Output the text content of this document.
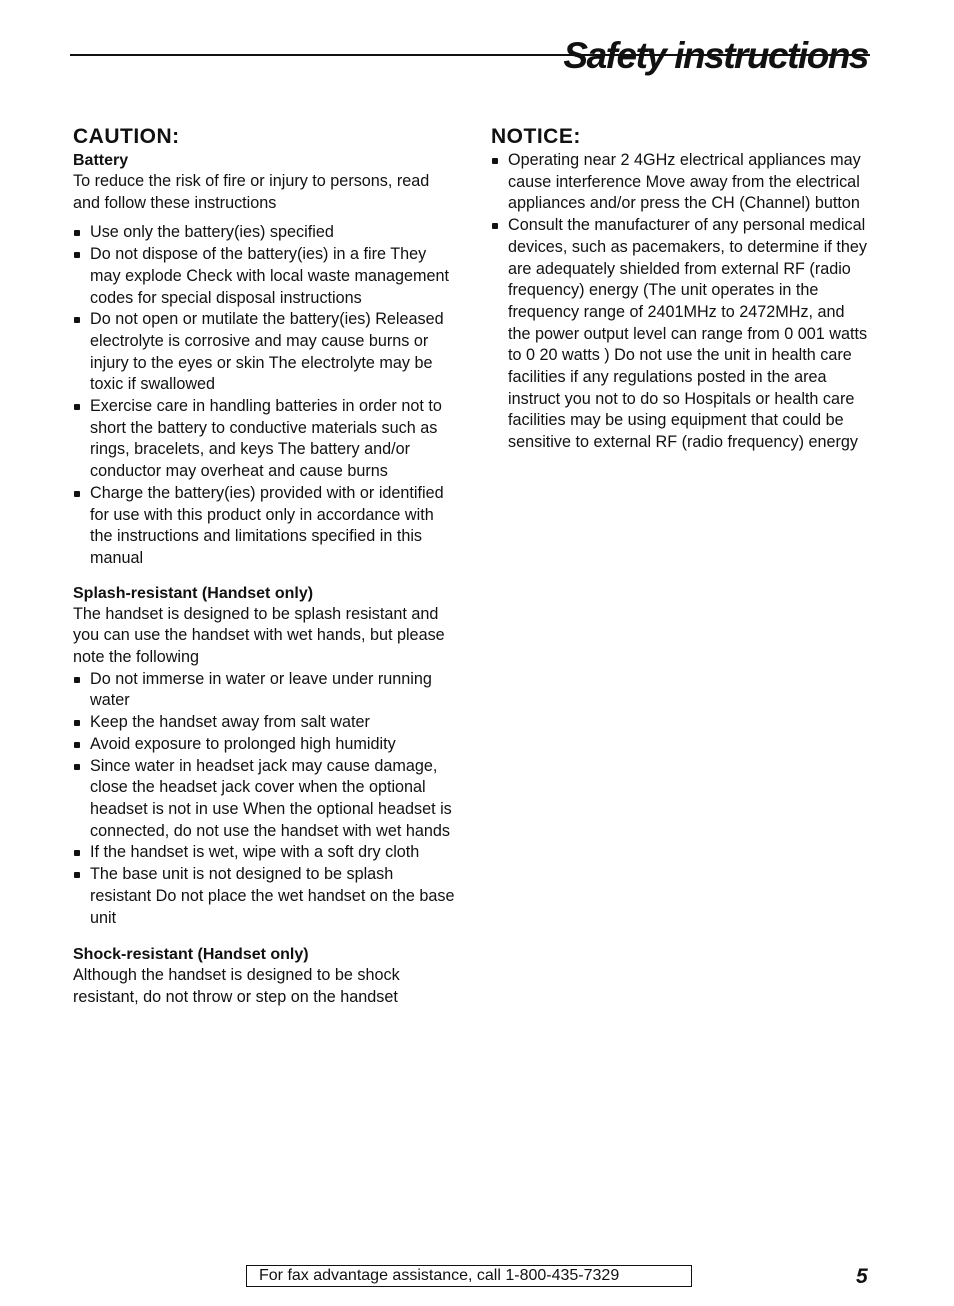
Safety instructions
CAUTION:
Battery

To reduce the risk of fire or injury to persons, read and follow these instructions

Use only the battery(ies) specified
Do not dispose of the battery(ies) in a fire They may explode Check with local waste management codes for special disposal instructions
Do not open or mutilate the battery(ies) Released electrolyte is corrosive and may cause burns or injury to the eyes or skin The electrolyte may be toxic if swallowed
Exercise care in handling batteries in order not to short the battery to conductive materials such as rings, bracelets, and keys The battery and/or conductor may overheat and cause burns
Charge the battery(ies) provided with or identified for use with this product only in accordance with the instructions and limitations specified in this manual
Splash-resistant (Handset only)

The handset is designed to be splash resistant and you can use the handset with wet hands, but please note the following

Do not immerse in water or leave under running water
Keep the handset away from salt water
Avoid exposure to prolonged high humidity
Since water in headset jack may cause damage, close the headset jack cover when the optional headset is not in use When the optional headset is connected, do not use the handset with wet hands
If the handset is wet, wipe with a soft dry cloth
The base unit is not designed to be splash resistant Do not place the wet handset on the base unit
Shock-resistant (Handset only)

Although the handset is designed to be shock resistant, do not throw or step on the handset

NOTICE:
Operating near 2 4GHz electrical appliances may cause interference Move away from the electrical appliances and/or press the CH (Channel) button
Consult the manufacturer of any personal medical devices, such as pacemakers, to determine if they are adequately shielded from external RF (radio frequency) energy (The unit operates in the frequency range of 2401MHz to 2472MHz, and the power output level can range from 0 001 watts to 0 20 watts ) Do not use the unit in health care facilities if any regulations posted in the area instruct you not to do so Hospitals or health care facilities may be using equipment that could be sensitive to external RF (radio frequency) energy
For fax advantage assistance, call 1-800-435-7329	5
